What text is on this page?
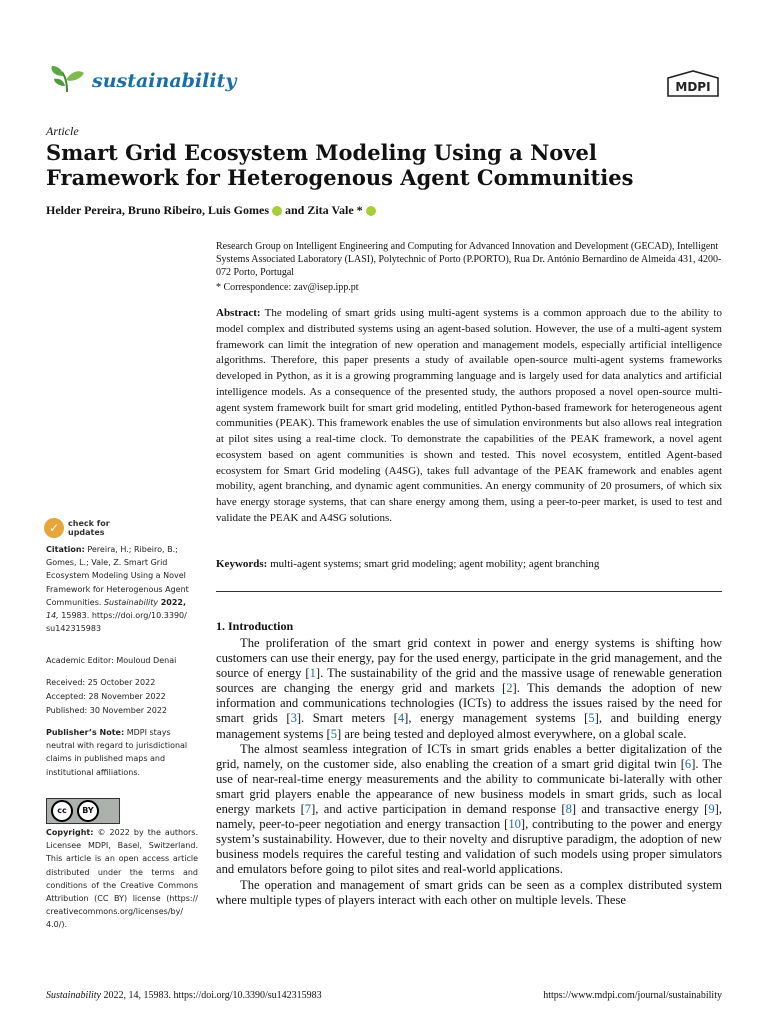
sustainability	MDPI
Article
Smart Grid Ecosystem Modeling Using a Novel Framework for Heterogenous Agent Communities
Helder Pereira, Bruno Ribeiro, Luis Gomes and Zita Vale *
Research Group on Intelligent Engineering and Computing for Advanced Innovation and Development (GECAD), Intelligent Systems Associated Laboratory (LASI), Polytechnic of Porto (P.PORTO), Rua Dr. António Bernardino de Almeida 431, 4200-072 Porto, Portugal
* Correspondence: zav@isep.ipp.pt
Abstract: The modeling of smart grids using multi-agent systems is a common approach due to the ability to model complex and distributed systems using an agent-based solution. However, the use of a multi-agent system framework can limit the integration of new operation and management models, especially artificial intelligence algorithms. Therefore, this paper presents a study of available open-source multi-agent systems frameworks developed in Python, as it is a growing programming language and is largely used for data analytics and artificial intelligence models. As a consequence of the presented study, the authors proposed a novel open-source multi-agent system framework built for smart grid modeling, entitled Python-based framework for heterogeneous agent communities (PEAK). This framework enables the use of simulation environments but also allows real integration at pilot sites using a real-time clock. To demonstrate the capabilities of the PEAK framework, a novel agent ecosystem based on agent communities is shown and tested. This novel ecosystem, entitled Agent-based ecosystem for Smart Grid modeling (A4SG), takes full advantage of the PEAK framework and enables agent mobility, agent branching, and dynamic agent communities. An energy community of 20 prosumers, of which six have energy storage systems, that can share energy among them, using a peer-to-peer market, is used to test and validate the PEAK and A4SG solutions.
Keywords: multi-agent systems; smart grid modeling; agent mobility; agent branching
1. Introduction

The proliferation of the smart grid context in power and energy systems is shifting how customers can use their energy, pay for the used energy, participate in the grid management, and the source of energy [1]. The sustainability of the grid and the massive usage of renewable generation sources are changing the energy grid and markets [2]. This demands the adoption of new information and communications technologies (ICTs) to address the issues raised by the need for smart grids [3]. Smart meters [4], energy management systems [5], and building energy management systems [5] are being tested and deployed almost everywhere, on a global scale.

The almost seamless integration of ICTs in smart grids enables a better digitalization of the grid, namely, on the customer side, also enabling the creation of a smart grid digital twin [6]. The use of near-real-time energy measurements and the ability to communicate bi-laterally with other smart grid players enable the appearance of new business models in smart grids, such as local energy markets [7], and active participation in demand response [8] and transactive energy [9], namely, peer-to-peer negotiation and energy transaction [10], contributing to the power and energy system’s sustainability. However, due to their novelty and disruptive paradigm, the adoption of new business models requires the careful testing and validation of such models using proper simulators and emulators before going to pilot sites and real-world applications.

The operation and management of smart grids can be seen as a complex distributed system where multiple types of players interact with each other on multiple levels. These

✓	check for updates
Citation: Pereira, H.; Ribeiro, B.; Gomes, L.; Vale, Z. Smart Grid Ecosystem Modeling Using a Novel Framework for Heterogenous Agent Communities. Sustainability 2022, 14, 15983. https://doi.org/10.3390/ su142315983
Academic Editor: Mouloud Denai
Received: 25 October 2022
Accepted: 28 November 2022
Published: 30 November 2022
Publisher’s Note: MDPI stays neutral with regard to jurisdictional claims in published maps and institutional affiliations.
cc	BY
Copyright: © 2022 by the authors. Licensee MDPI, Basel, Switzerland. This article is an open access article distributed under the terms and conditions of the Creative Commons Attribution (CC BY) license (https:// creativecommons.org/licenses/by/ 4.0/).
Sustainability 2022, 14, 15983. https://doi.org/10.3390/su142315983	https://www.mdpi.com/journal/sustainability
